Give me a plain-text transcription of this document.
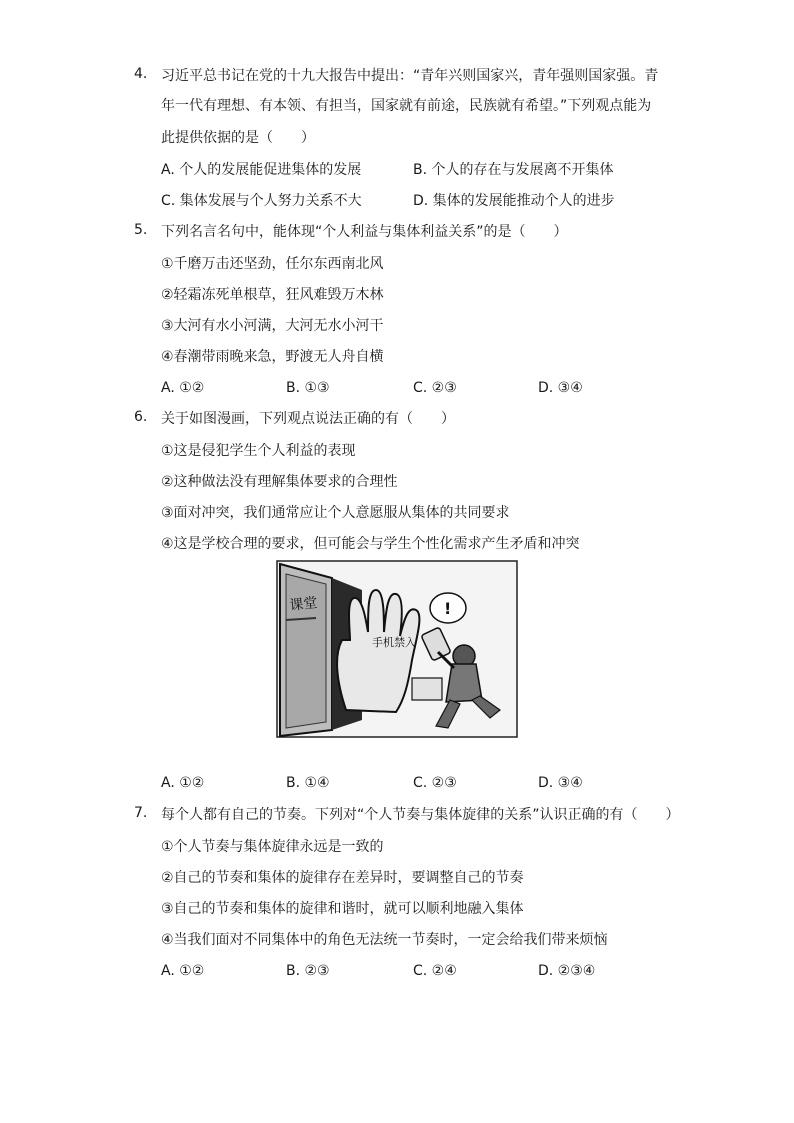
4. 习近平总书记在党的十九大报告中提出：“青年兴则国家兴，青年强则国家强。青
年一代有理想、有本领、有担当，国家就有前途，民族就有希望。”下列观点能为
此提供依据的是（　　）
A. 个人的发展能促进集体的发展	B. 个人的存在与发展离不开集体
C. 集体发展与个人努力关系不大	D. 集体的发展能推动个人的进步
5. 下列名言名句中，能体现“个人利益与集体利益关系”的是（　　）
①千磨万击还坚劲，任尔东西南北风
②轻霜冻死单根草，狂风难毁万木林
③大河有水小河满，大河无水小河干
④春潮带雨晚来急，野渡无人舟自横
A. ①②	B. ①③	C. ②③	D. ③④
6. 关于如图漫画，下列观点说法正确的有（　　）
①这是侵犯学生个人利益的表现
②这种做法没有理解集体要求的合理性
③面对冲突，我们通常应让个人意愿服从集体的共同要求
④这是学校合理的要求，但可能会与学生个性化需求产生矛盾和冲突
课堂
手机禁入
!
A. ①②	B. ①④	C. ②③	D. ③④
7. 每个人都有自己的节奏。下列对“个人节奏与集体旋律的关系”认识正确的有（　　）
①个人节奏与集体旋律永远是一致的
②自己的节奏和集体的旋律存在差异时，要调整自己的节奏
③自己的节奏和集体的旋律和谐时，就可以顺利地融入集体
④当我们面对不同集体中的角色无法统一节奏时，一定会给我们带来烦恼
A. ①②	B. ②③	C. ②④	D. ②③④
